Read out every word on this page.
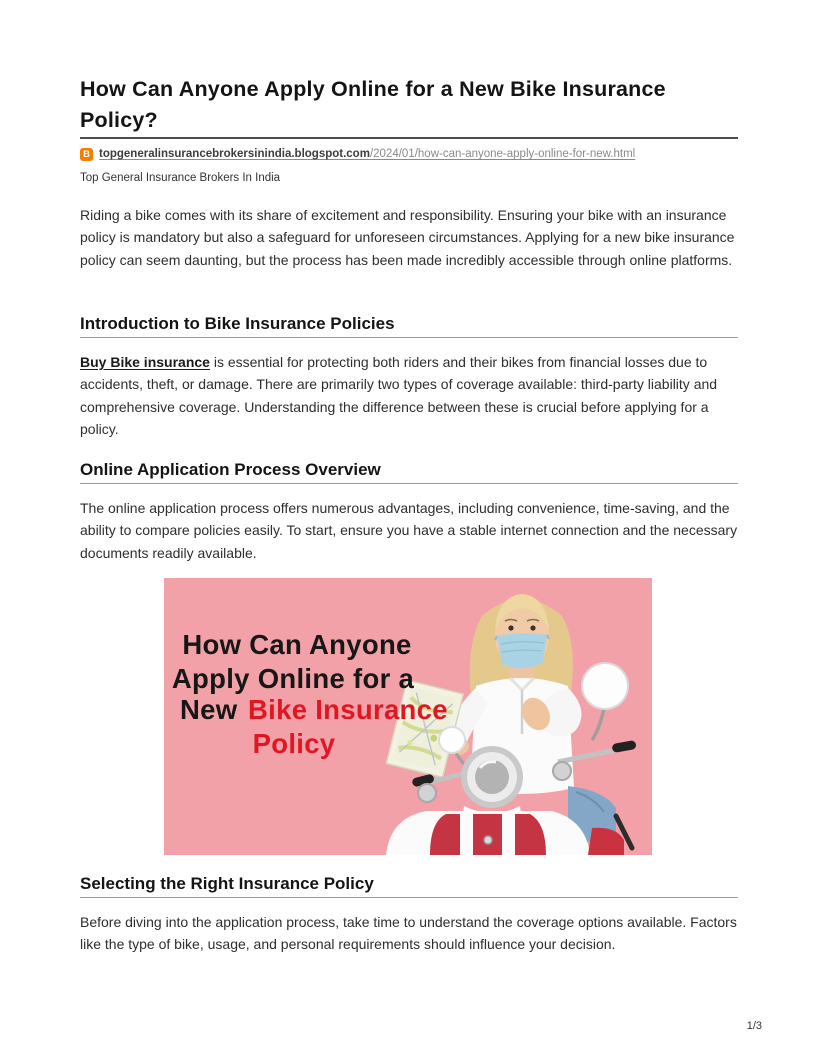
How Can Anyone Apply Online for a New Bike Insurance Policy?
B topgeneralinsurancebrokersinindia.blogspot.com/2024/01/how-can-anyone-apply-online-for-new.html
Top General Insurance Brokers In India

Riding a bike comes with its share of excitement and responsibility. Ensuring your bike with an insurance policy is mandatory but also a safeguard for unforeseen circumstances. Applying for a new bike insurance policy can seem daunting, but the process has been made incredibly accessible through online platforms.

Introduction to Bike Insurance Policies

Buy Bike insurance is essential for protecting both riders and their bikes from financial losses due to accidents, theft, or damage. There are primarily two types of coverage available: third-party liability and comprehensive coverage. Understanding the difference between these is crucial before applying for a policy.

Online Application Process Overview

The online application process offers numerous advantages, including convenience, time-saving, and the ability to compare policies easily. To start, ensure you have a stable internet connection and the necessary documents readily available.

How Can Anyone
Apply Online for a
New Bike Insurance
Policy
Selecting the Right Insurance Policy

Before diving into the application process, take time to understand the coverage options available. Factors like the type of bike, usage, and personal requirements should influence your decision.

1/3
